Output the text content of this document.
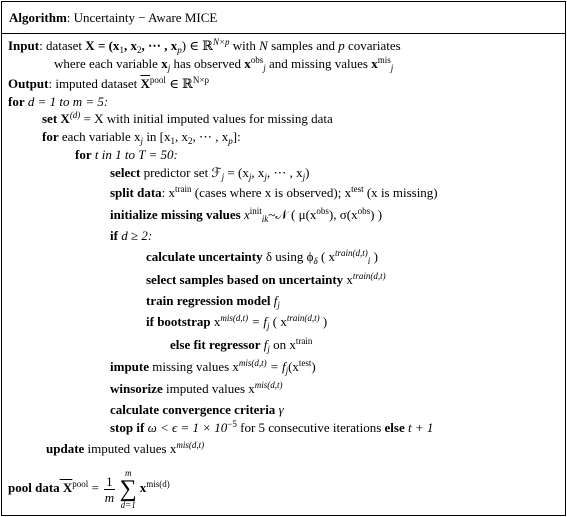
Algorithm: Uncertainty − Aware MICE
Input: dataset $X = (x_1$, $x_2$, ⋯ , $x_p$) ∈ ℝ$^{N\times p}$ with N samples and p covariates
where each variable $x_j$ has observed $x^{obs}_j$ and missing values $x^{mis}_j$
Output: imputed dataset $\overline{X}^{pool}$ ∈ ℝ$^{N\times p}$
for d = 1 to m = 5:
set $X^{(d)} = X$ with initial imputed values for missing data
for each variable $x_j$ in [$x_1$, $x_2$, ⋯ , $x_p$]:
for t in 1 to T = 50:
select predictor set ℱ$_j$ = ($x_j$, $x_j$, ⋯ , $x_j$)
split data: $x^{train}$ (cases where x is observed); $x^{test}$ (x is missing)
initialize missing values $x^{init}_{ik}\sim 𝒩$ ( $\mu(x^{obs})$, $\sigma(x^{obs})$ )
if d ≥ 2:
calculate uncertainty δ using $\phi_\delta$ ( $x^{train(d,t)}_i$ )
select samples based on uncertainty $x^{train(d,t)}$
train regression model $f_j$
if bootstrap $x^{mis(d,t)} = f_j$ ( $x^{train(d,t)}$ )
else fit regressor $f_j$ on $x^{train}$
impute missing values $x^{mis(d,t)} = f_j(x^{test})$
winsorize imputed values $x^{mis(d,t)}$
calculate convergence criteria γ
stop if $\omega < \epsilon = 1 \times 10^{-5}$ for 5 consecutive iterations else t + 1
update imputed values $x^{mis(d,t)}$
pool data $X^{pool} = \frac{1}{m}$
m
∑
d=1
$x^{mis(d)}$
